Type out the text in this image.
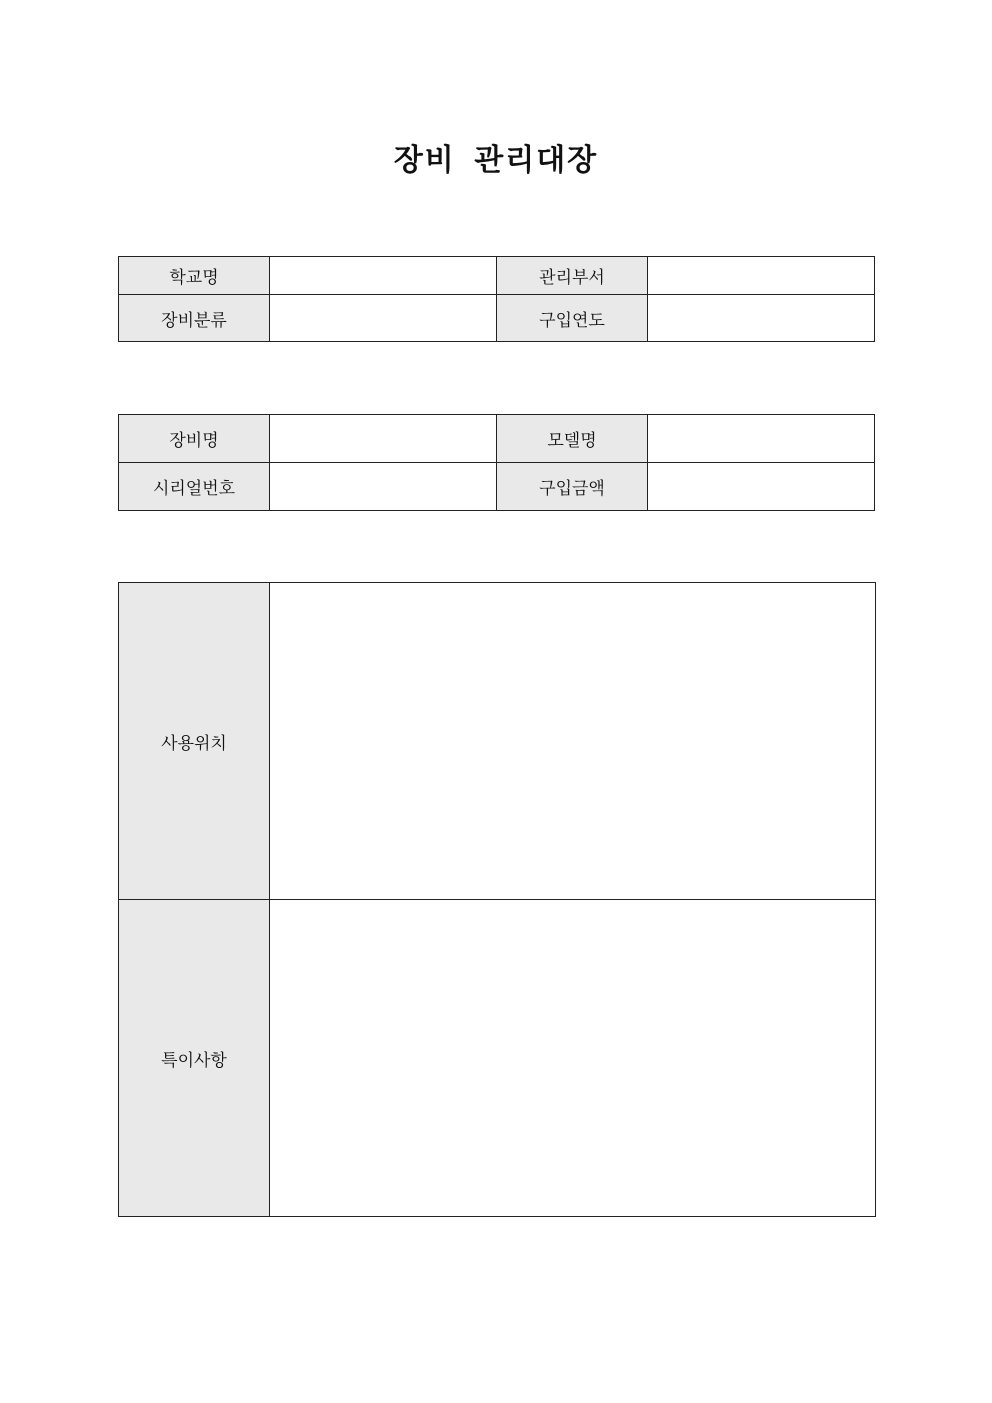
장비 관리대장
학교명		관리부서	
장비분류		구입연도	
장비명		모델명	
시리얼번호		구입금액	
사용위치	
특이사항	
